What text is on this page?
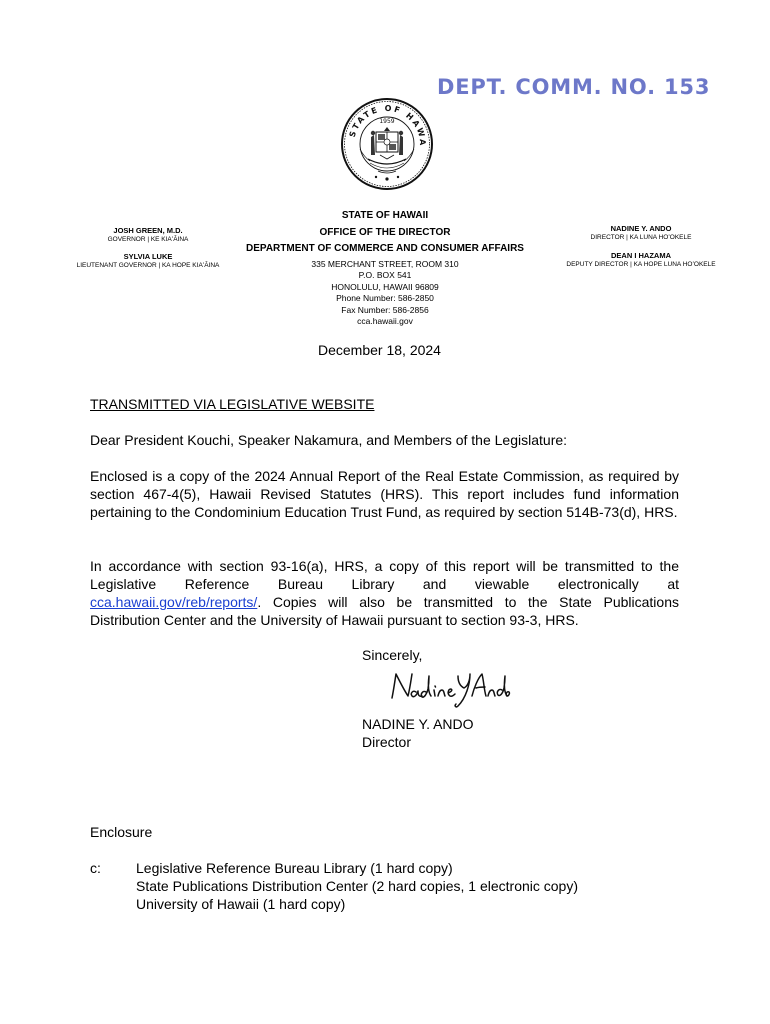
DEPT. COMM. NO. 153
STATE OF HAWA
1959
JOSH GREEN, M.D.
GOVERNOR | KE KIAʻĀINA
SYLVIA LUKE
LIEUTENANT GOVERNOR | KA HOPE KIAʻĀINA
NADINE Y. ANDO
DIRECTOR | KA LUNA HOʻOKELE
DEAN I HAZAMA
DEPUTY DIRECTOR | KA HOPE LUNA HOʻOKELE
STATE OF HAWAII
OFFICE OF THE DIRECTOR
DEPARTMENT OF COMMERCE AND CONSUMER AFFAIRS
335 MERCHANT STREET, ROOM 310
P.O. BOX 541
HONOLULU, HAWAII 96809
Phone Number: 586-2850
Fax Number: 586-2856
cca.hawaii.gov
December 18, 2024
TRANSMITTED VIA LEGISLATIVE WEBSITE
Dear President Kouchi, Speaker Nakamura, and Members of the Legislature:
Enclosed is a copy of the 2024 Annual Report of the Real Estate Commission, as required by section 467-4(5), Hawaii Revised Statutes (HRS). This report includes fund information pertaining to the Condominium Education Trust Fund, as required by section 514B-73(d), HRS.
In accordance with section 93-16(a), HRS, a copy of this report will be transmitted to the Legislative Reference Bureau Library and viewable electronically at cca.hawaii.gov/reb/reports/. Copies will also be transmitted to the State Publications Distribution Center and the University of Hawaii pursuant to section 93-3, HRS.
Sincerely,
NADINE Y. ANDO
Director
Enclosure
c:	Legislative Reference Bureau Library (1 hard copy)
State Publications Distribution Center (2 hard copies, 1 electronic copy)
University of Hawaii (1 hard copy)
